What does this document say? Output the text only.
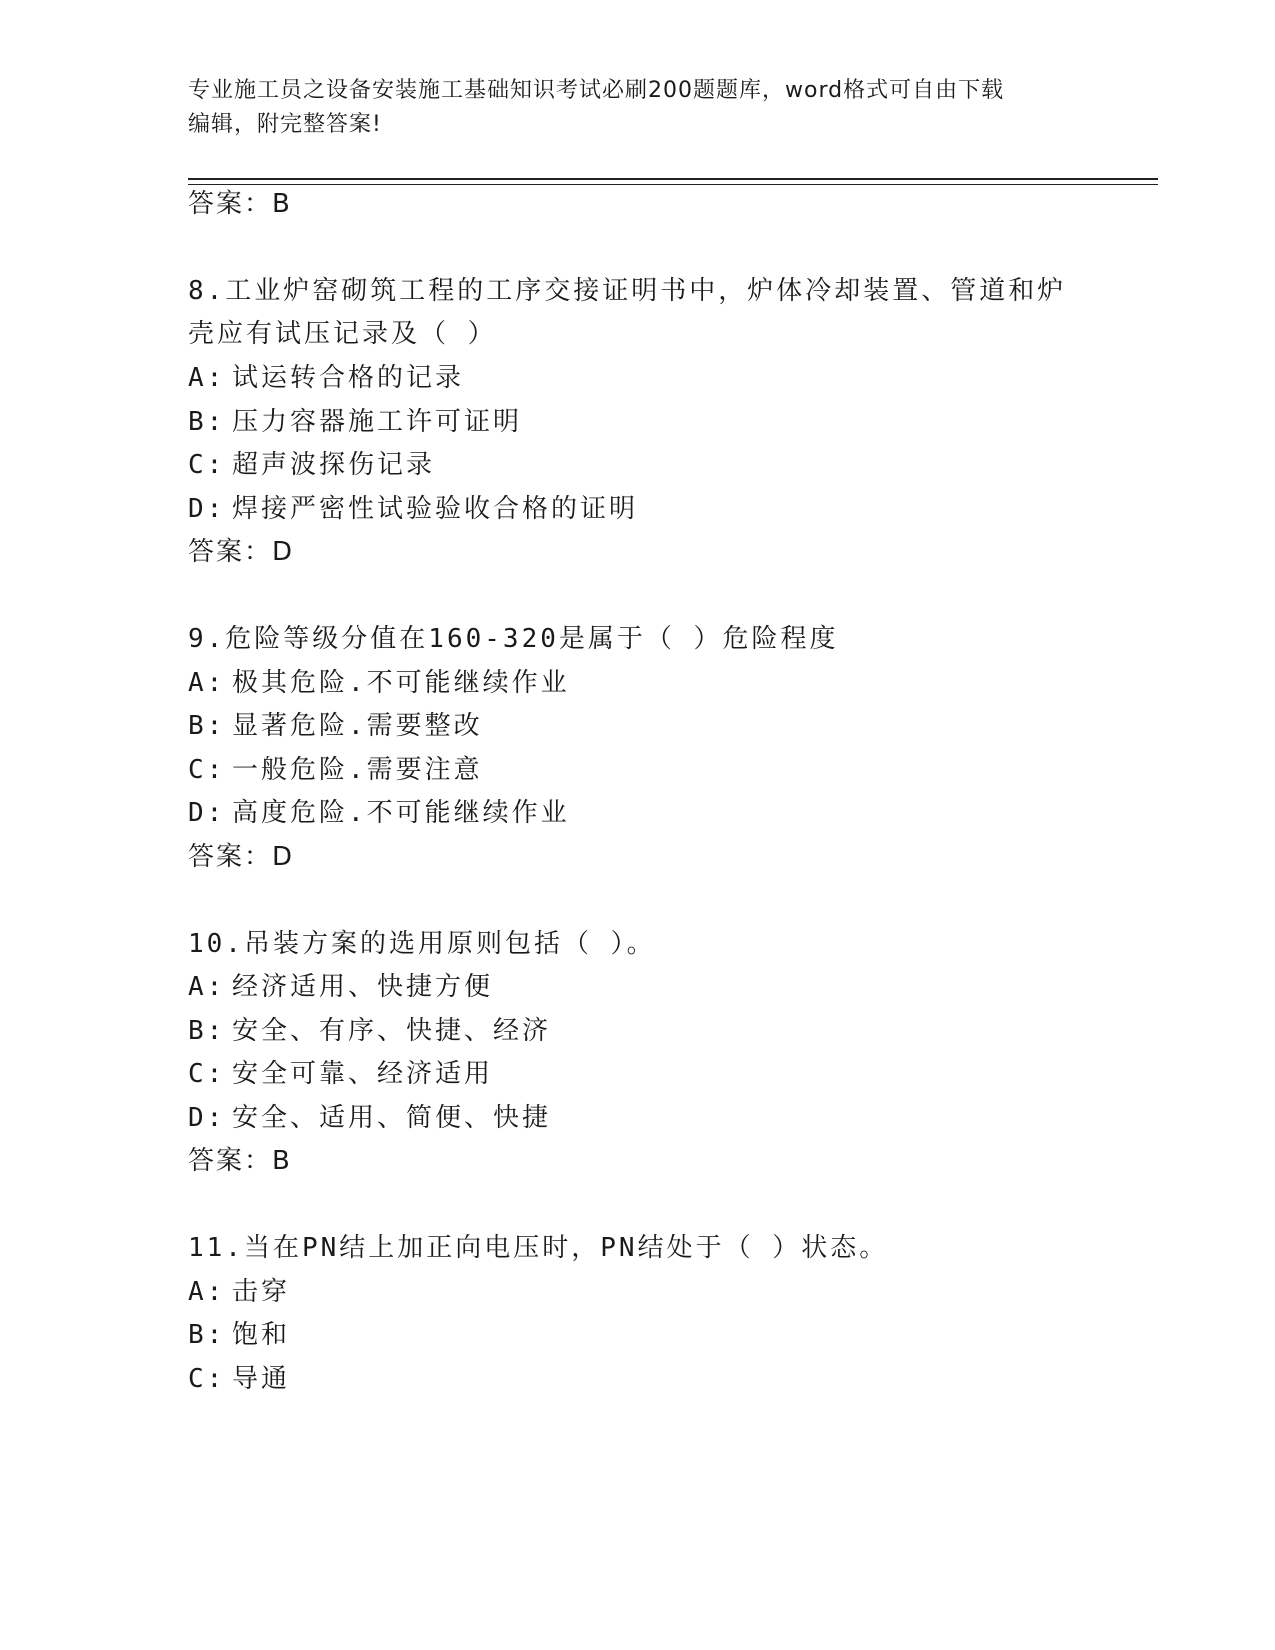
专业施工员之设备安装施工基础知识考试必刷200题题库，word格式可自由下载
编辑，附完整答案!
答案：B
8.工业炉窑砌筑工程的工序交接证明书中，炉体冷却装置、管道和炉
壳应有试压记录及（ ）
A: 试运转合格的记录
B: 压力容器施工许可证明
C: 超声波探伤记录
D: 焊接严密性试验验收合格的证明
答案：D
9.危险等级分值在160-320是属于（ ）危险程度
A: 极其危险.不可能继续作业
B: 显著危险.需要整改
C: 一般危险.需要注意
D: 高度危险.不可能继续作业
答案：D
10.吊装方案的选用原则包括（ ）。
A: 经济适用、快捷方便
B: 安全、有序、快捷、经济
C: 安全可靠、经济适用
D: 安全、适用、简便、快捷
答案：B
11.当在PN结上加正向电压时，PN结处于（ ）状态。
A: 击穿
B: 饱和
C: 导通
